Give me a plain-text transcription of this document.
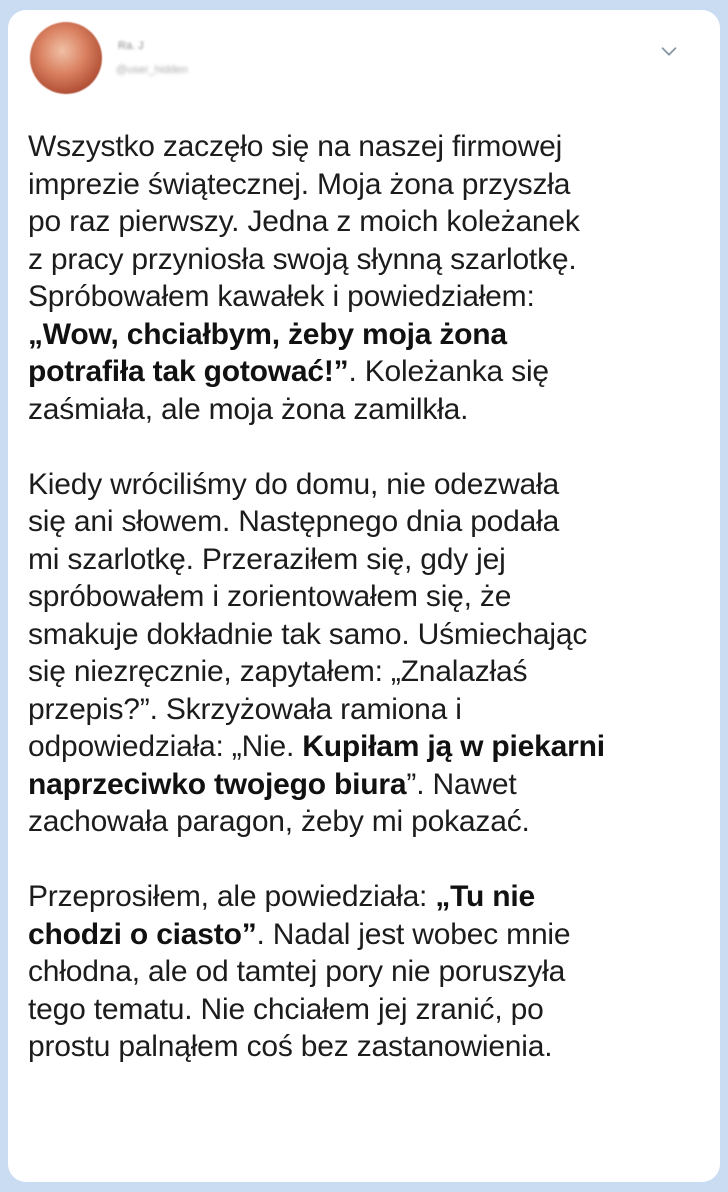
Ra. J
@user_hidden
Wszystko zaczęło się na naszej firmowej
imprezie świątecznej. Moja żona przyszła
po raz pierwszy. Jedna z moich koleżanek
z pracy przyniosła swoją słynną szarlotkę.
Spróbowałem kawałek i powiedziałem:
„Wow, chciałbym, żeby moja żona
potrafiła tak gotować!”. Koleżanka się
zaśmiała, ale moja żona zamilkła.
Kiedy wróciliśmy do domu, nie odezwała
się ani słowem. Następnego dnia podała
mi szarlotkę. Przeraziłem się, gdy jej
spróbowałem i zorientowałem się, że
smakuje dokładnie tak samo. Uśmiechając
się niezręcznie, zapytałem: „Znalazłaś
przepis?”. Skrzyżowała ramiona i
odpowiedziała: „Nie. Kupiłam ją w piekarni
naprzeciwko twojego biura”. Nawet
zachowała paragon, żeby mi pokazać.
Przeprosiłem, ale powiedziała: „Tu nie
chodzi o ciasto”. Nadal jest wobec mnie
chłodna, ale od tamtej pory nie poruszyła
tego tematu. Nie chciałem jej zranić, po
prostu palnąłem coś bez zastanowienia.
